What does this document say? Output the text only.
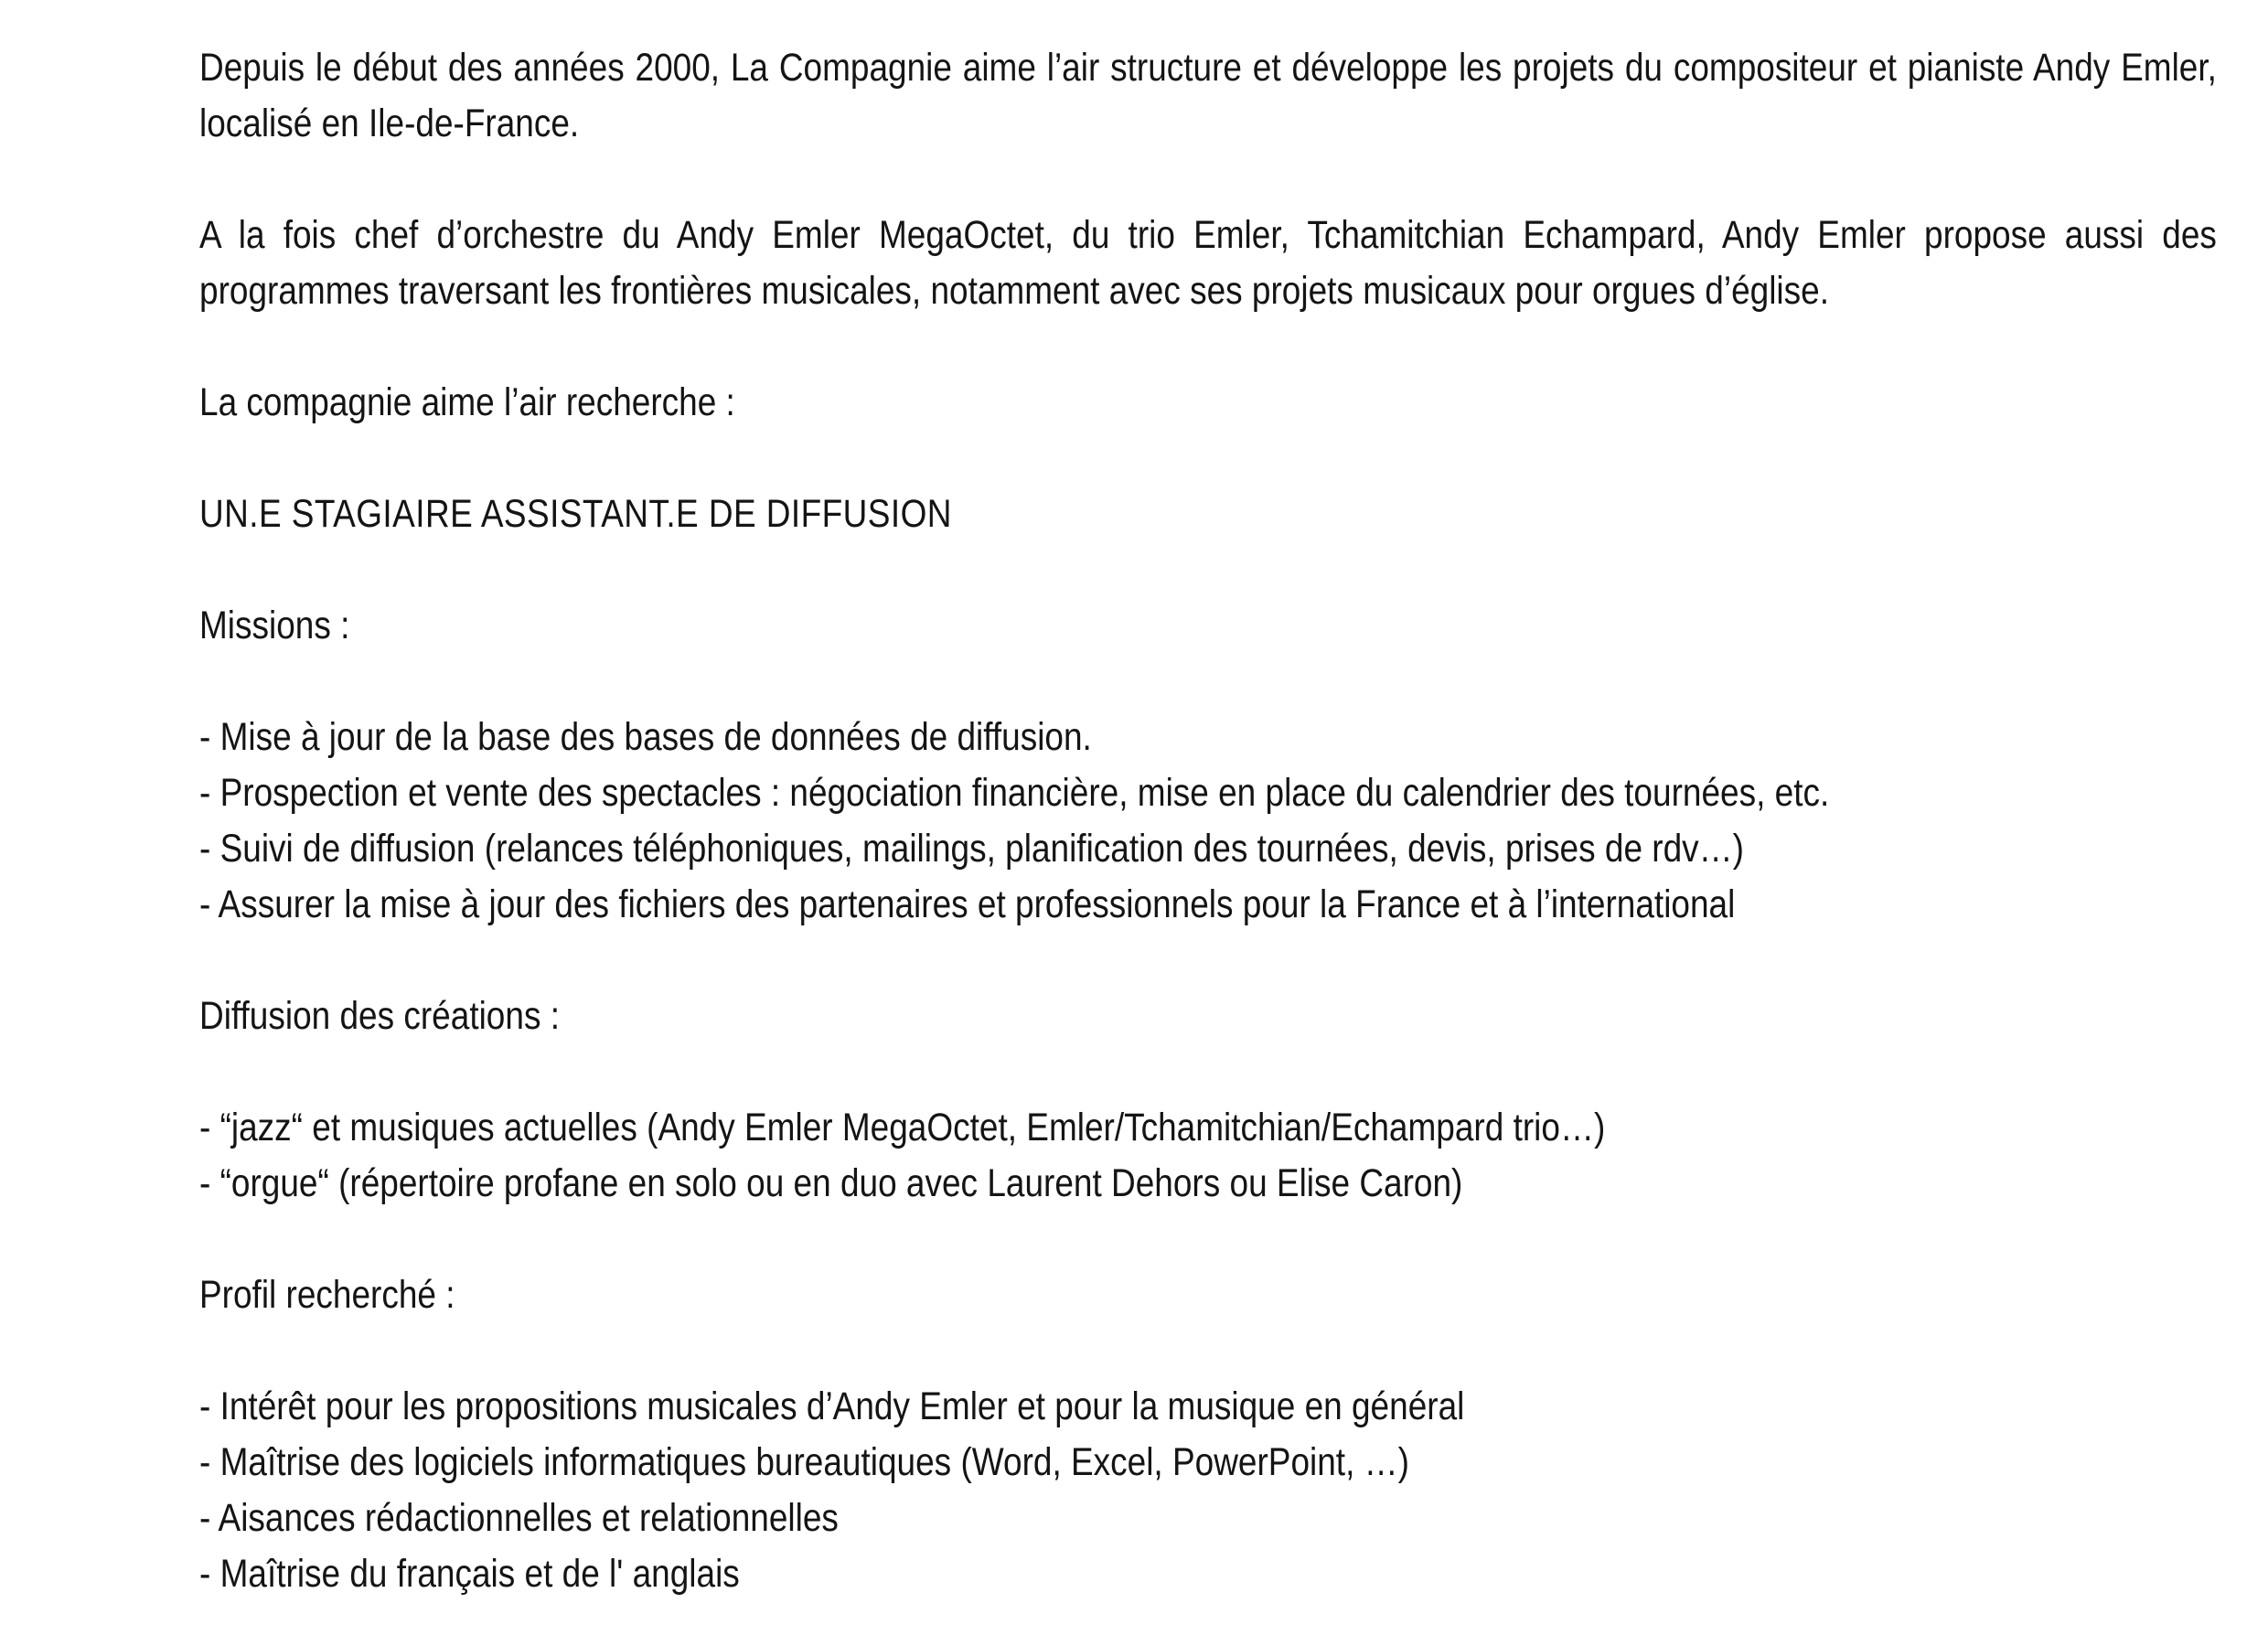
Depuis le début des années 2000, La Compagnie aime l’air structure et développe les projets du compositeur et pianiste Andy Emler, localisé en Ile-de-France.

A la fois chef d’orchestre du Andy Emler MegaOctet, du trio Emler, Tchamitchian Echampard, Andy Emler propose aussi des programmes traversant les frontières musicales, notamment avec ses projets musicaux pour orgues d’église.

La compagnie aime l’air recherche :

UN.E STAGIAIRE ASSISTANT.E DE DIFFUSION

Missions :

- Mise à jour de la base des bases de données de diffusion.
- Prospection et vente des spectacles : négociation financière, mise en place du calendrier des tournées, etc.
- Suivi de diffusion (relances téléphoniques, mailings, planification des tournées, devis, prises de rdv…)
- Assurer la mise à jour des fichiers des partenaires et professionnels pour la France et à l’international

Diffusion des créations :

- “jazz“ et musiques actuelles (Andy Emler MegaOctet, Emler/Tchamitchian/Echampard trio…)
- “orgue“ (répertoire profane en solo ou en duo avec Laurent Dehors ou Elise Caron)

Profil recherché :

- Intérêt pour les propositions musicales d’Andy Emler et pour la musique en général
- Maîtrise des logiciels informatiques bureautiques (Word, Excel, PowerPoint, …)
- Aisances rédactionnelles et relationnelles
- Maîtrise du français et de l' anglais
